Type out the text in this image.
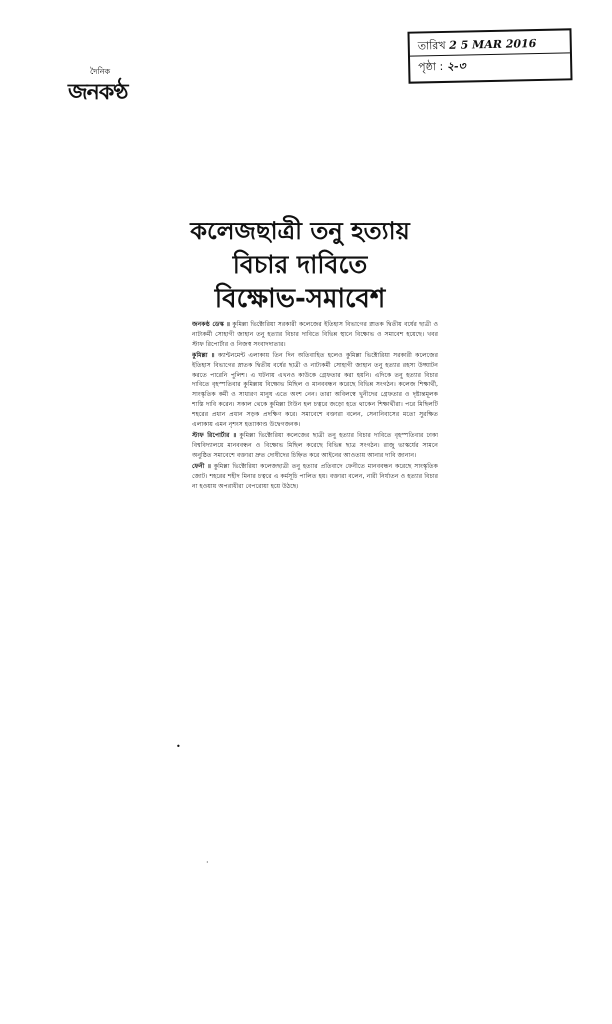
দৈনিক
জনকণ্ঠ
তারিখ 2 5 MAR 2016
পৃষ্ঠা : ২-৩
কলেজছাত্রী তনু হত্যায়
বিচার দাবিতে
বিক্ষোভ-সমাবেশ

জনকণ্ঠ ডেস্ক ॥ কুমিল্লা ভিক্টোরিয়া সরকারী কলেজের ইতিহাস বিভাগের স্নাতক দ্বিতীয় বর্ষের ছাত্রী ও নাট্যকর্মী সোহাগী জাহান তনু হত্যার বিচার দাবিতে বিভিন্ন স্থানে বিক্ষোভ ও সমাবেশ হয়েছে। খবর স্টাফ রিপোর্টার ও নিজস্ব সংবাদদাতার।

কুমিল্লা ॥ ক্যান্টনমেন্ট এলাকায় তিন দিন অতিবাহিত হলেও কুমিল্লা ভিক্টোরিয়া সরকারী কলেজের ইতিহাস বিভাগের স্নাতক দ্বিতীয় বর্ষের ছাত্রী ও নাট্যকর্মী সোহাগী জাহান তনু হত্যার রহস্য উদ্ঘাটন করতে পারেনি পুলিশ। এ ঘটনায় এখনও কাউকে গ্রেফতার করা হয়নি। এদিকে তনু হত্যার বিচার দাবিতে বৃহস্পতিবার কুমিল্লায় বিক্ষোভ মিছিল ও মানববন্ধন করেছে বিভিন্ন সংগঠন। কলেজ শিক্ষার্থী, সাংস্কৃতিক কর্মী ও সাধারণ মানুষ এতে অংশ নেন। তারা অবিলম্বে খুনীদের গ্রেফতার ও দৃষ্টান্তমূলক শাস্তি দাবি করেন। সকাল থেকে কুমিল্লা টাউন হল চত্বরে জড়ো হতে থাকেন শিক্ষার্থীরা। পরে মিছিলটি শহরের প্রধান প্রধান সড়ক প্রদক্ষিণ করে। সমাবেশে বক্তারা বলেন, সেনানিবাসের মতো সুরক্ষিত এলাকায় এমন নৃশংস হত্যাকাণ্ড উদ্বেগজনক।

স্টাফ রিপোর্টার ॥ কুমিল্লা ভিক্টোরিয়া কলেজের ছাত্রী তনু হত্যার বিচার দাবিতে বৃহস্পতিবার ঢাকা বিশ্ববিদ্যালয়ে মানববন্ধন ও বিক্ষোভ মিছিল করেছে বিভিন্ন ছাত্র সংগঠন। রাজু ভাস্কর্যের সামনে অনুষ্ঠিত সমাবেশে বক্তারা দ্রুত দোষীদের চিহ্নিত করে আইনের আওতায় আনার দাবি জানান।

ফেনী ॥ কুমিল্লা ভিক্টোরিয়া কলেজছাত্রী তনু হত্যার প্রতিবাদে ফেনীতে মানববন্ধন করেছে সাংস্কৃতিক জোট। শহরের শহীদ মিনার চত্বরে এ কর্মসূচি পালিত হয়। বক্তারা বলেন, নারী নির্যাতন ও হত্যার বিচার না হওয়ায় অপরাধীরা বেপরোয়া হয়ে উঠছে।

•
·
